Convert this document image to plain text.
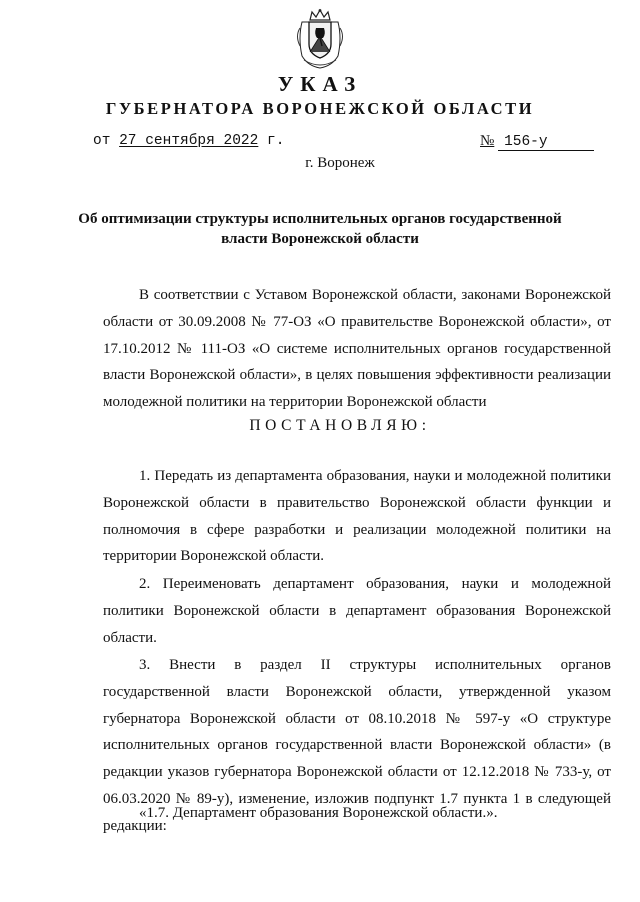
УКАЗ
ГУБЕРНАТОРА ВОРОНЕЖСКОЙ ОБЛАСТИ
от 27 сентября 2022 г.	№ 156-у
г. Воронеж
Об оптимизации структуры исполнительных органов государственной власти Воронежской области
В соответствии с Уставом Воронежской области, законами Воронежской области от 30.09.2008 № 77-ОЗ «О правительстве Воронежской области», от 17.10.2012 № 111-ОЗ «О системе исполнительных органов государственной власти Воронежской области», в целях повышения эффективности реализации молодежной политики на территории Воронежской области
ПОСТАНОВЛЯЮ:
1. Передать из департамента образования, науки и молодежной политики Воронежской области в правительство Воронежской области функции и полномочия в сфере разработки и реализации молодежной политики на территории Воронежской области.
2. Переименовать департамент образования, науки и молодежной политики Воронежской области в департамент образования Воронежской области.
3. Внести в раздел II структуры исполнительных органов государственной власти Воронежской области, утвержденной указом губернатора Воронежской области от 08.10.2018 № 597-у «О структуре исполнительных органов государственной власти Воронежской области» (в редакции указов губернатора Воронежской области от 12.12.2018 № 733-у, от 06.03.2020 № 89-у), изменение, изложив подпункт 1.7 пункта 1 в следующей редакции:
«1.7. Департамент образования Воронежской области.».
